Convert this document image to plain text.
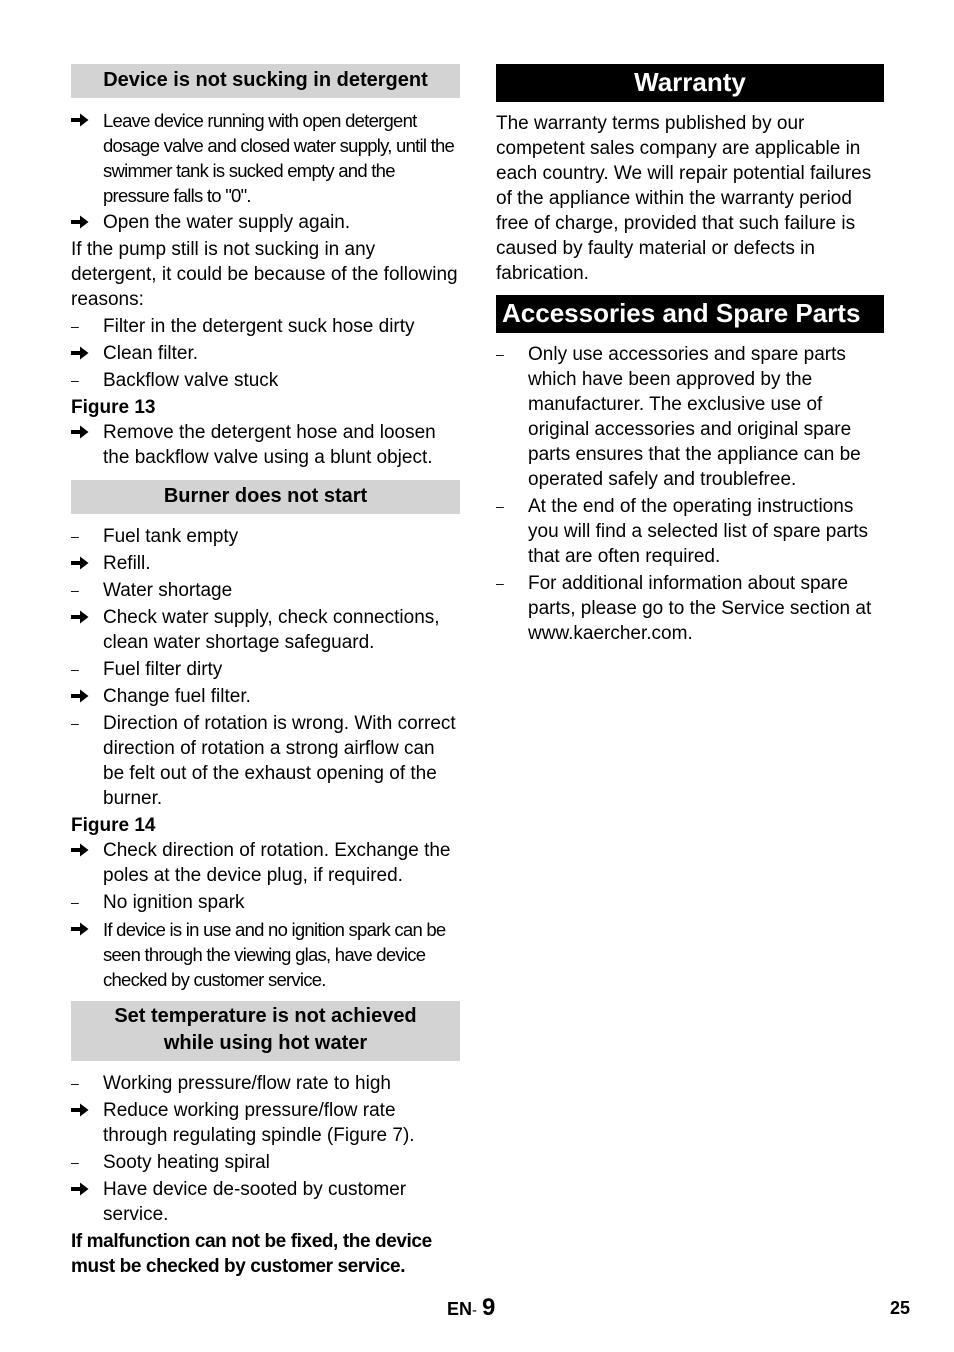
Device is not sucking in detergent
Leave device running with open detergent dosage valve and closed water supply, until the swimmer tank is sucked empty and the pressure falls to "0".
Open the water supply again.
If the pump still is not sucking in any detergent, it could be because of the following reasons:
–	Filter in the detergent suck hose dirty
Clean filter.
–	Backflow valve stuck
Figure 13
Remove the detergent hose and loosen the backflow valve using a blunt object.
Burner does not start
–	Fuel tank empty
Refill.
–	Water shortage
Check water supply, check connections, clean water shortage safeguard.
–	Fuel filter dirty
Change fuel filter.
–	Direction of rotation is wrong. With correct direction of rotation a strong airflow can be felt out of the exhaust opening of the burner.
Figure 14
Check direction of rotation. Exchange the poles at the device plug, if required.
–	No ignition spark
If device is in use and no ignition spark can be seen through the viewing glas, have device checked by customer service.
Set temperature is not achieved
while using hot water
–	Working pressure/flow rate to high
Reduce working pressure/flow rate through regulating spindle (Figure 7).
–	Sooty heating spiral
Have device de-sooted by customer service.
If malfunction can not be fixed, the device must be checked by customer service.
Warranty
The warranty terms published by our competent sales company are applicable in each country. We will repair potential failures of the appliance within the warranty period free of charge, provided that such failure is caused by faulty material or defects in fabrication.
Accessories and Spare Parts
–	Only use accessories and spare parts which have been approved by the manufacturer. The exclusive use of original accessories and original spare parts ensures that the appliance can be operated safely and troublefree.
–	At the end of the operating instructions you will find a selected list of spare parts that are often required.
–	For additional information about spare parts, please go to the Service section at www.kaercher.com.
EN- 9	25
